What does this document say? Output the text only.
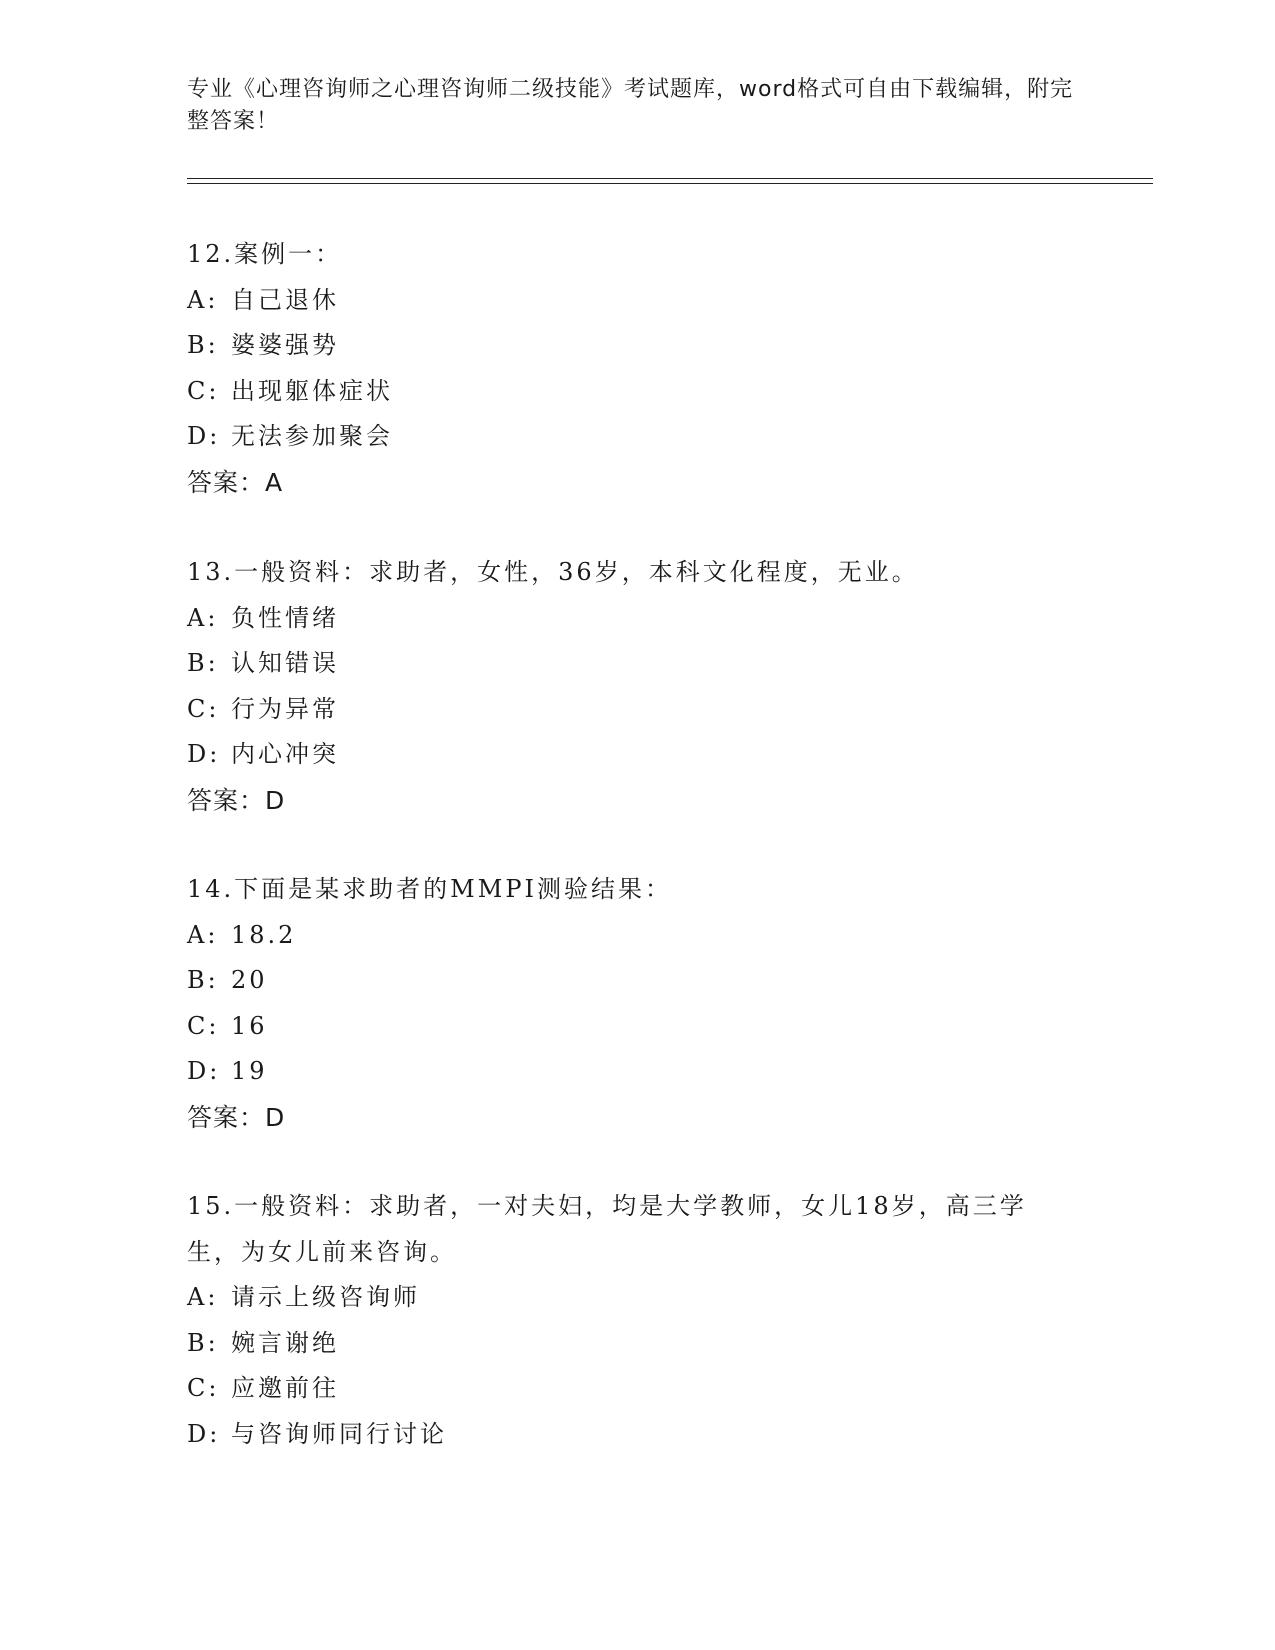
专业《心理咨询师之心理咨询师二级技能》考试题库，word格式可自由下载编辑，附完整答案！
12.案例一：
A: 自己退休
B: 婆婆强势
C: 出现躯体症状
D: 无法参加聚会
答案：A
13.一般资料：求助者，女性，36岁，本科文化程度，无业。
A: 负性情绪
B: 认知错误
C: 行为异常
D: 内心冲突
答案：D
14.下面是某求助者的MMPI测验结果：
A: 18.2
B: 20
C: 16
D: 19
答案：D
15.一般资料：求助者，一对夫妇，均是大学教师，女儿18岁，高三学生，为女儿前来咨询。
A: 请示上级咨询师
B: 婉言谢绝
C: 应邀前往
D: 与咨询师同行讨论
